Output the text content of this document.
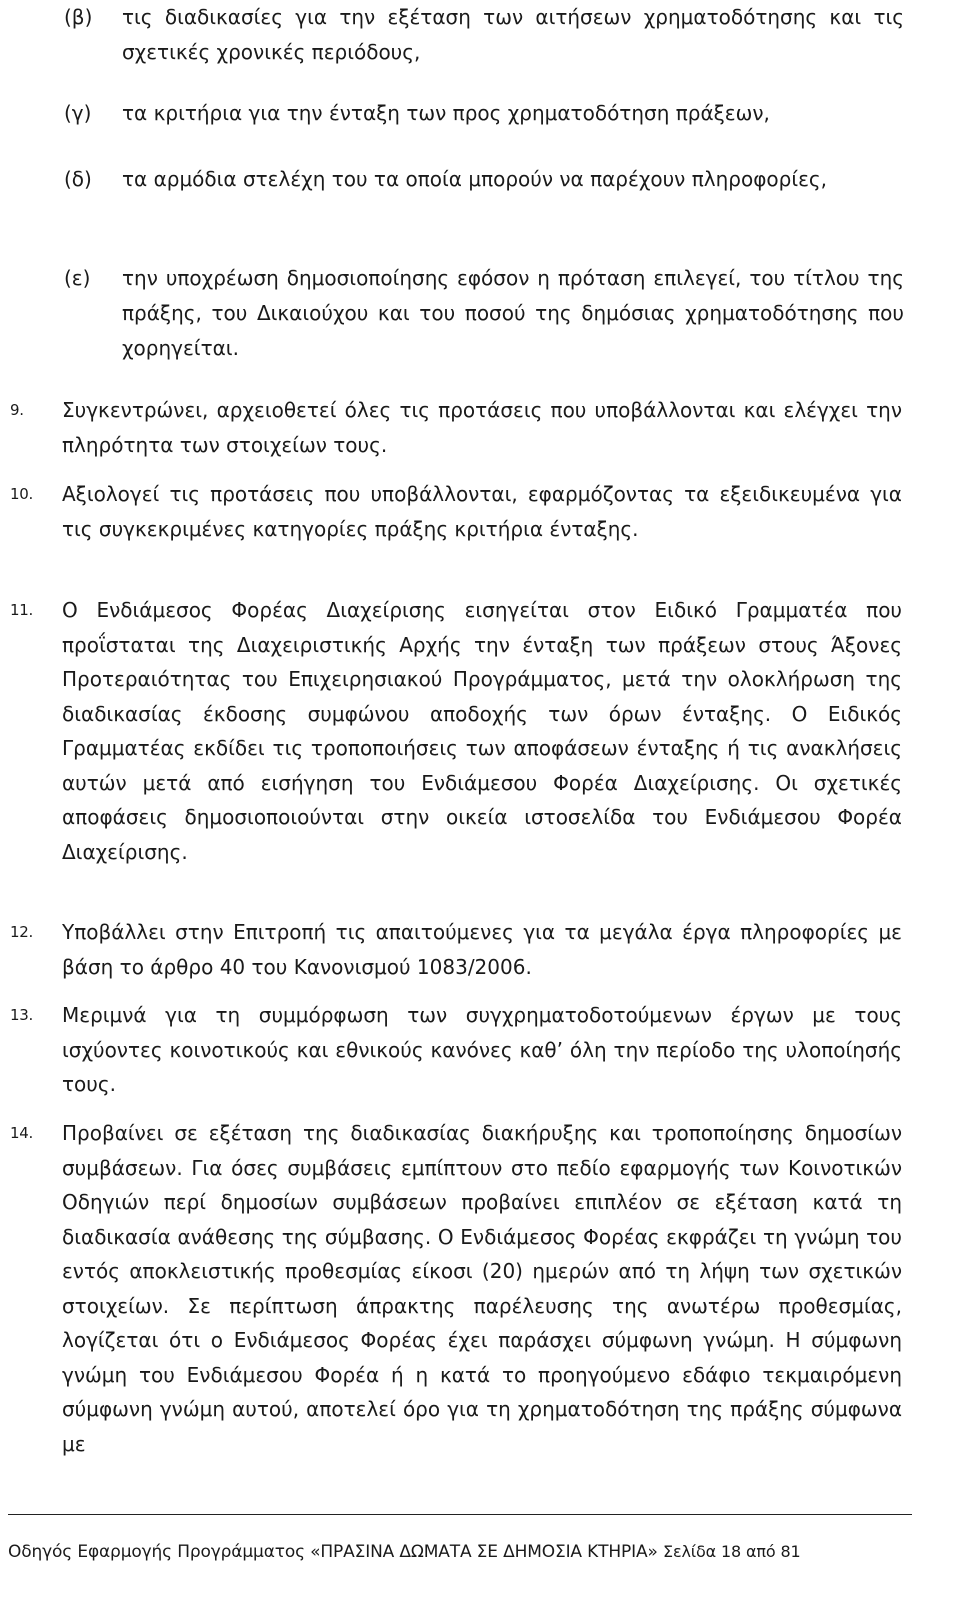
(β) τις διαδικασίες για την εξέταση των αιτήσεων χρηματοδότησης και τις σχετικές χρονικές περιόδους,
(γ) τα κριτήρια για την ένταξη των προς χρηματοδότηση πράξεων,
(δ) τα αρμόδια στελέχη του τα οποία μπορούν να παρέχουν πληροφορίες,
(ε) την υποχρέωση δημοσιοποίησης εφόσον η πρόταση επιλεγεί, του τίτλου της πράξης, του Δικαιούχου και του ποσού της δημόσιας χρηματοδότησης που χορηγείται.
9. Συγκεντρώνει, αρχειοθετεί όλες τις προτάσεις που υποβάλλονται και ελέγχει την πληρότητα των στοιχείων τους.
10. Αξιολογεί τις προτάσεις που υποβάλλονται, εφαρμόζοντας τα εξειδικευμένα για τις συγκεκριμένες κατηγορίες πράξης κριτήρια ένταξης.
11. Ο Ενδιάμεσος Φορέας Διαχείρισης εισηγείται στον Ειδικό Γραμματέα που προΐσταται της Διαχειριστικής Αρχής την ένταξη των πράξεων στους Άξονες Προτεραιότητας του Επιχειρησιακού Προγράμματος, μετά την ολοκλήρωση της διαδικασίας έκδοσης συμφώνου αποδοχής των όρων ένταξης. Ο Ειδικός Γραμματέας εκδίδει τις τροποποιήσεις των αποφάσεων ένταξης ή τις ανακλήσεις αυτών μετά από εισήγηση του Ενδιάμεσου Φορέα Διαχείρισης. Οι σχετικές αποφάσεις δημοσιοποιούνται στην οικεία ιστοσελίδα του Ενδιάμεσου Φορέα Διαχείρισης.
12. Υποβάλλει στην Επιτροπή τις απαιτούμενες για τα μεγάλα έργα πληροφορίες με βάση το άρθρο 40 του Κανονισμού 1083/2006.
13. Μεριμνά για τη συμμόρφωση των συγχρηματοδοτούμενων έργων με τους ισχύοντες κοινοτικούς και εθνικούς κανόνες καθ’ όλη την περίοδο της υλοποίησής τους.
14. Προβαίνει σε εξέταση της διαδικασίας διακήρυξης και τροποποίησης δημοσίων συμβάσεων. Για όσες συμβάσεις εμπίπτουν στο πεδίο εφαρμογής των Κοινοτικών Οδηγιών περί δημοσίων συμβάσεων προβαίνει επιπλέον σε εξέταση κατά τη διαδικασία ανάθεσης της σύμβασης. Ο Ενδιάμεσος Φορέας εκφράζει τη γνώμη του εντός αποκλειστικής προθεσμίας είκοσι (20) ημερών από τη λήψη των σχετικών στοιχείων. Σε περίπτωση άπρακτης παρέλευσης της ανωτέρω προθεσμίας, λογίζεται ότι ο Ενδιάμεσος Φορέας έχει παράσχει σύμφωνη γνώμη. Η σύμφωνη γνώμη του Ενδιάμεσου Φορέα ή η κατά το προηγούμενο εδάφιο τεκμαιρόμενη σύμφωνη γνώμη αυτού, αποτελεί όρο για τη χρηματοδότηση της πράξης σύμφωνα με
Οδηγός Εφαρμογής Προγράμματος «ΠΡΑΣΙΝΑ ΔΩΜΑΤΑ ΣΕ ΔΗΜΟΣΙΑ ΚΤΗΡΙΑ» Σελίδα 18 από 81
